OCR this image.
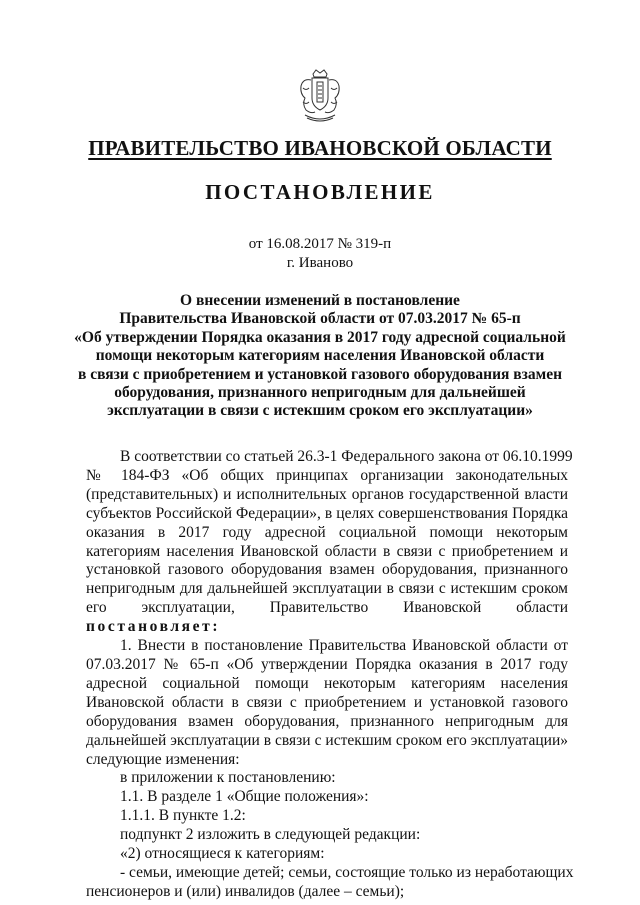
ПРАВИТЕЛЬСТВО ИВАНОВСКОЙ ОБЛАСТИ
ПОСТАНОВЛЕНИЕ
от 16.08.2017 № 319-п
г. Иваново
О внесении изменений в постановление
Правительства Ивановской области от 07.03.2017 № 65-п
«Об утверждении Порядка оказания в 2017 году адресной социальной
помощи некоторым категориям населения Ивановской области
в связи с приобретением и установкой газового оборудования взамен
оборудования, признанного непригодным для дальнейшей
эксплуатации в связи с истекшим сроком его эксплуатации»
В соответствии со статьей 26.3-1 Федерального закона от 06.10.1999
№ 184-ФЗ «Об общих принципах организации законодательных
(представительных) и исполнительных органов государственной власти
субъектов Российской Федерации», в целях совершенствования Порядка
оказания в 2017 году адресной социальной помощи некоторым
категориям населения Ивановской области в связи с приобретением и
установкой газового оборудования взамен оборудования, признанного
непригодным для дальнейшей эксплуатации в связи с истекшим сроком
его эксплуатации, Правительство Ивановской области
постановляет:
1. Внести в постановление Правительства Ивановской области от
07.03.2017 № 65-п «Об утверждении Порядка оказания в 2017 году
адресной социальной помощи некоторым категориям населения
Ивановской области в связи с приобретением и установкой газового
оборудования взамен оборудования, признанного непригодным для
дальнейшей эксплуатации в связи с истекшим сроком его эксплуатации»
следующие изменения:
в приложении к постановлению:
1.1. В разделе 1 «Общие положения»:
1.1.1. В пункте 1.2:
подпункт 2 изложить в следующей редакции:
«2) относящиеся к категориям:
- семьи, имеющие детей; семьи, состоящие только из неработающих
пенсионеров и (или) инвалидов (далее – семьи);
